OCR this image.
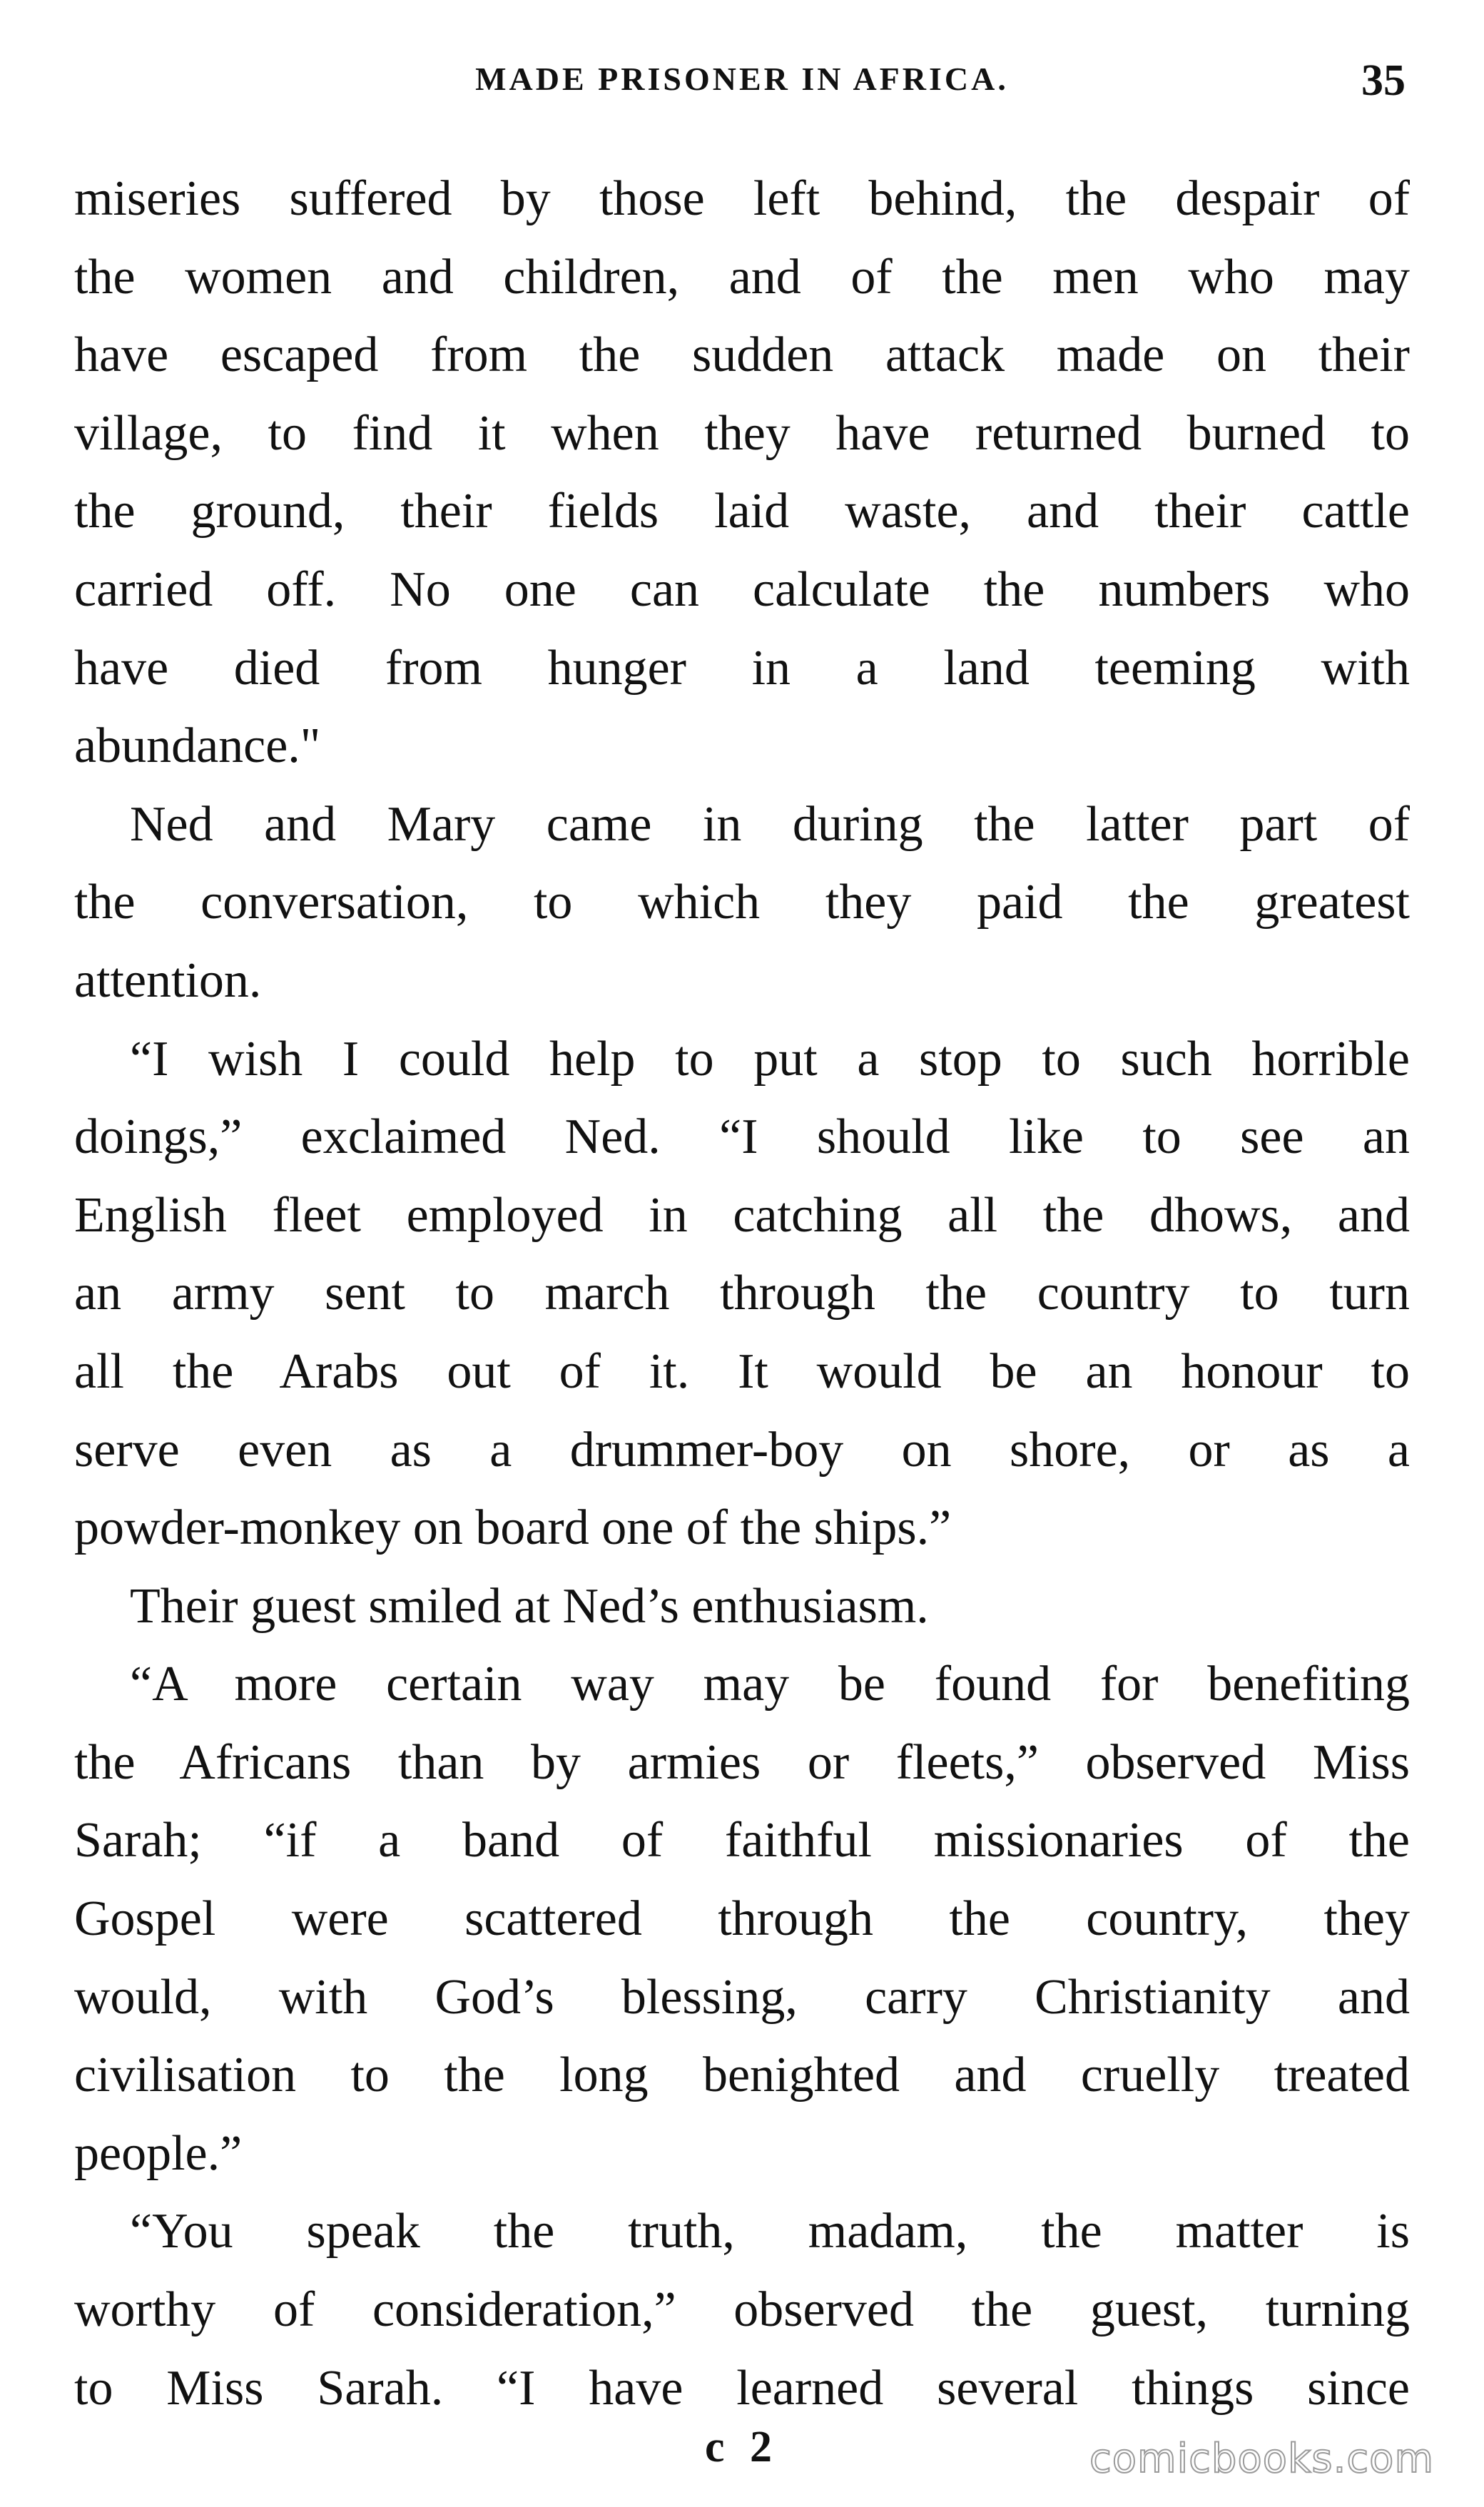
MADE PRISONER IN AFRICA.	35
miseries suffered by those left behind, the despair of
the women and children, and of the men who may
have escaped from the sudden attack made on their
village, to find it when they have returned burned to
the ground, their fields laid waste, and their cattle
carried off. No one can calculate the numbers who
have died from hunger in a land teeming with
abundance."
Ned and Mary came in during the latter part of
the conversation, to which they paid the greatest
attention.
“I wish I could help to put a stop to such horrible
doings,” exclaimed Ned. “I should like to see an
English fleet employed in catching all the dhows, and
an army sent to march through the country to turn
all the Arabs out of it. It would be an honour to
serve even as a drummer-boy on shore, or as a
powder-monkey on board one of the ships.”
Their guest smiled at Ned’s enthusiasm.
“A more certain way may be found for benefiting
the Africans than by armies or fleets,” observed Miss
Sarah; “if a band of faithful missionaries of the
Gospel were scattered through the country, they
would, with God’s blessing, carry Christianity and
civilisation to the long benighted and cruelly treated
people.”
“You speak the truth, madam, the matter is
worthy of consideration,” observed the guest, turning
to Miss Sarah. “I have learned several things since
c 2	comicbooks.com
